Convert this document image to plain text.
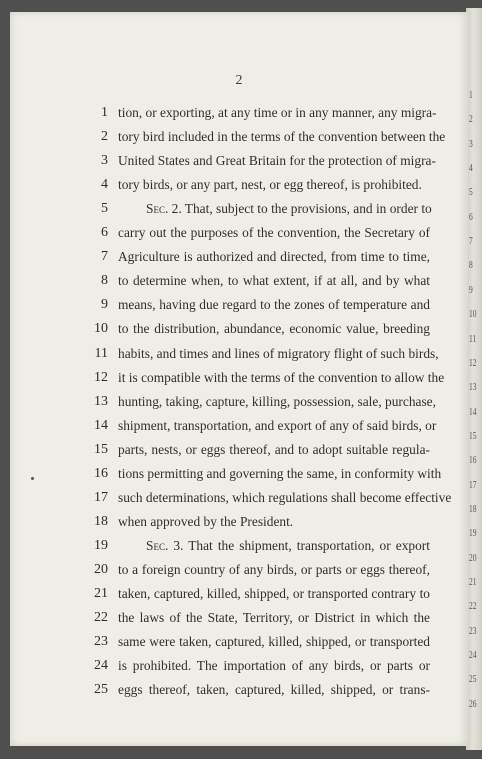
1
2
3
4
5
6
7
8
9
10
11
12
13
14
15
16
17
18
19
20
21
22
23
24
25
26
2
1 tion, or exporting, at any time or in any manner, any migra-
2 tory bird included in the terms of the convention between the
3 United States and Great Britain for the protection of migra-
4 tory birds, or any part, nest, or egg thereof, is prohibited.
5	Sec. 2. That, subject to the provisions, and in order to
6 carry out the purposes of the convention, the Secretary of
7 Agriculture is authorized and directed, from time to time,
8 to determine when, to what extent, if at all, and by what
9 means, having due regard to the zones of temperature and
10 to the distribution, abundance, economic value, breeding
11 habits, and times and lines of migratory flight of such birds,
12 it is compatible with the terms of the convention to allow the
13 hunting, taking, capture, killing, possession, sale, purchase,
14 shipment, transportation, and export of any of said birds, or
15 parts, nests, or eggs thereof, and to adopt suitable regula-
16 tions permitting and governing the same, in conformity with
17 such determinations, which regulations shall become effective
18 when approved by the President.
19	Sec. 3. That the shipment, transportation, or export
20 to a foreign country of any birds, or parts or eggs thereof,
21 taken, captured, killed, shipped, or transported contrary to
22 the laws of the State, Territory, or District in which the
23 same were taken, captured, killed, shipped, or transported
24 is prohibited. The importation of any birds, or parts or
25 eggs thereof, taken, captured, killed, shipped, or trans-
